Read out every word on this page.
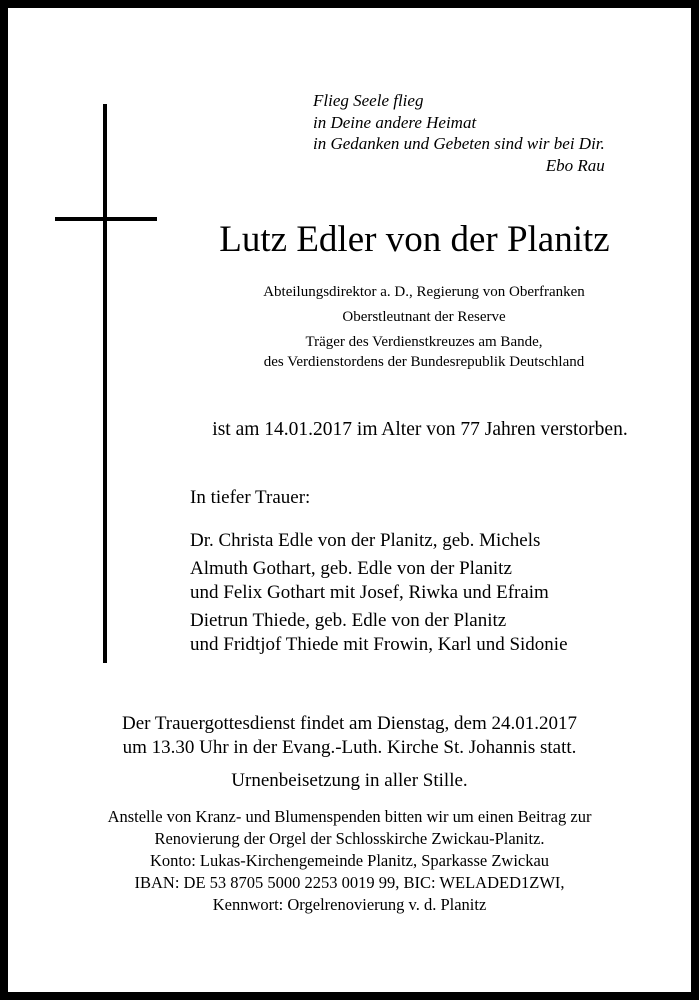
Flieg Seele flieg
in Deine andere Heimat
in Gedanken und Gebeten sind wir bei Dir.
Ebo Rau
Lutz Edler von der Planitz
Abteilungsdirektor a. D., Regierung von Oberfranken
Oberstleutnant der Reserve
Träger des Verdienstkreuzes am Bande,
des Verdienstordens der Bundesrepublik Deutschland
ist am 14.01.2017 im Alter von 77 Jahren verstorben.
In tiefer Trauer:
Dr. Christa Edle von der Planitz, geb. Michels
Almuth Gothart, geb. Edle von der Planitz
und Felix Gothart mit Josef, Riwka und Efraim
Dietrun Thiede, geb. Edle von der Planitz
und Fridtjof Thiede mit Frowin, Karl und Sidonie
Der Trauergottesdienst findet am Dienstag, dem 24.01.2017
um 13.30 Uhr in der Evang.-Luth. Kirche St. Johannis statt.
Urnenbeisetzung in aller Stille.
Anstelle von Kranz- und Blumenspenden bitten wir um einen Beitrag zur
Renovierung der Orgel der Schlosskirche Zwickau-Planitz.
Konto: Lukas-Kirchengemeinde Planitz, Sparkasse Zwickau
IBAN: DE 53 8705 5000 2253 0019 99, BIC: WELADED1ZWI,
Kennwort: Orgelrenovierung v. d. Planitz
